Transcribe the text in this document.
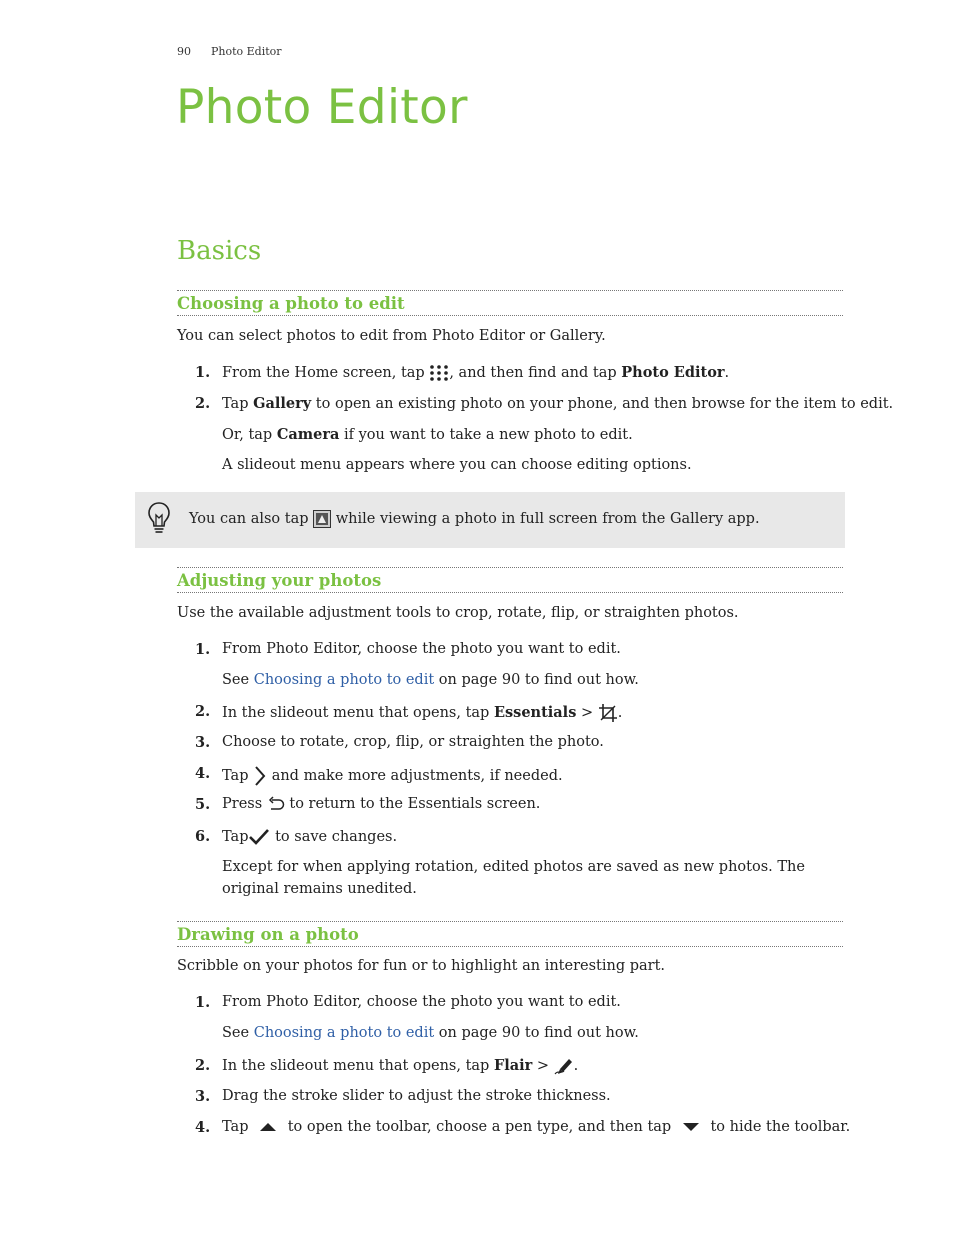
90 Photo Editor
Photo Editor
Basics
Choosing a photo to edit
You can select photos to edit from Photo Editor or Gallery.
1. From the Home screen, tap , and then find and tap Photo Editor.
2. Tap Gallery to open an existing photo on your phone, and then browse for the item to edit.
Or, tap Camera if you want to take a new photo to edit.
A slideout menu appears where you can choose editing options.
You can also tap while viewing a photo in full screen from the Gallery app.
Adjusting your photos
Use the available adjustment tools to crop, rotate, flip, or straighten photos.
1. From Photo Editor, choose the photo you want to edit.
See Choosing a photo to edit on page 90 to find out how.
2. In the slideout menu that opens, tap Essentials > .
3. Choose to rotate, crop, flip, or straighten the photo.
4. Tap and make more adjustments, if needed.
5. Press to return to the Essentials screen.
6. Tap to save changes.
Except for when applying rotation, edited photos are saved as new photos. The original remains unedited.
Drawing on a photo
Scribble on your photos for fun or to highlight an interesting part.
1. From Photo Editor, choose the photo you want to edit.
See Choosing a photo to edit on page 90 to find out how.
2. In the slideout menu that opens, tap Flair > .
3. Drag the stroke slider to adjust the stroke thickness.
4. Tap	to open the toolbar, choose a pen type, and then tap	to hide the toolbar.
